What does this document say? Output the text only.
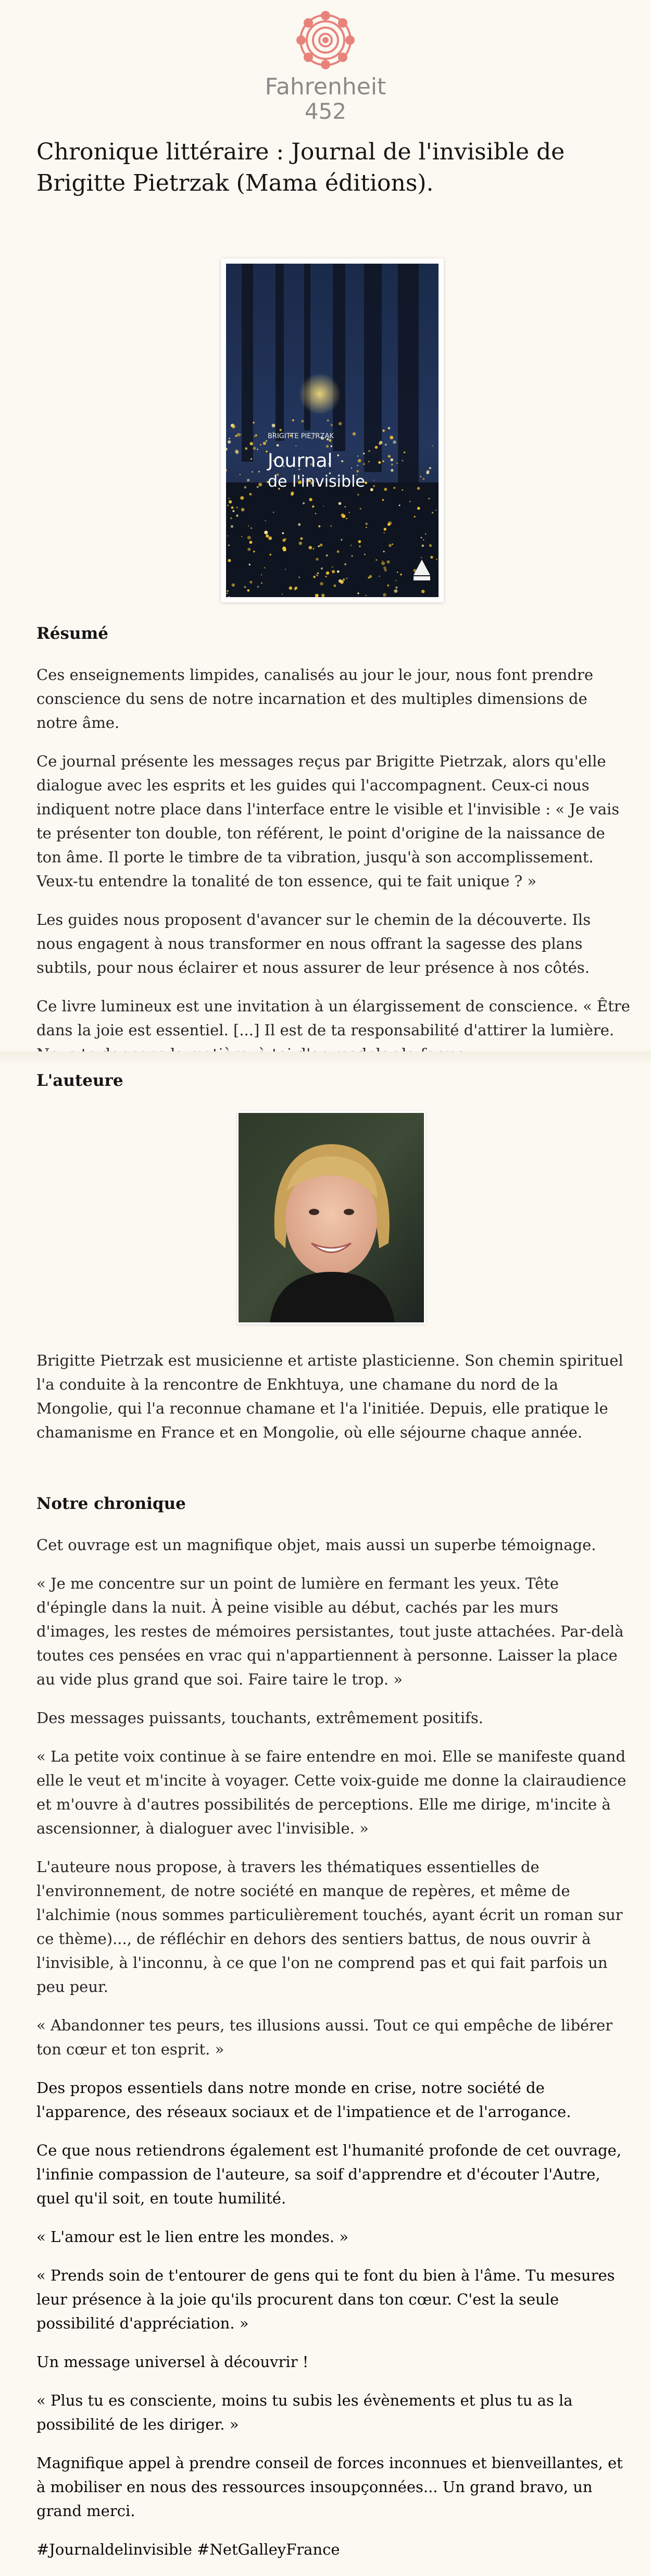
Fahrenheit
452
Chronique littéraire : Journal de l'invisible de Brigitte Pietrzak (Mama éditions).
BRIGITTE PIETRZAK
Journal
de l'invisible
Résumé

Ces enseignements limpides, canalisés au jour le jour, nous font prendre conscience du sens de notre incarnation et des multiples dimensions de notre âme.

Ce journal présente les messages reçus par Brigitte Pietrzak, alors qu'elle dialogue avec les esprits et les guides qui l'accompagnent. Ceux-ci nous indiquent notre place dans l'interface entre le visible et l'invisible : « Je vais te présenter ton double, ton référent, le point d'origine de la naissance de ton âme. Il porte le timbre de ta vibration, jusqu'à son accomplissement. Veux-tu entendre la tonalité de ton essence, qui te fait unique ? »

Les guides nous proposent d'avancer sur le chemin de la découverte. Ils nous engagent à nous transformer en nous offrant la sagesse des plans subtils, pour nous éclairer et nous assurer de leur présence à nos côtés.

Ce livre lumineux est une invitation à un élargissement de conscience. « Être dans la joie est essentiel. [...] Il est de ta responsabilité d'attirer la lumière.

L'auteure

Brigitte Pietrzak est musicienne et artiste plasticienne. Son chemin spirituel l'a conduite à la rencontre de Enkhtuya, une chamane du nord de la Mongolie, qui l'a reconnue chamane et l'a l'initiée. Depuis, elle pratique le chamanisme en France et en Mongolie, où elle séjourne chaque année.

Notre chronique

Cet ouvrage est un magnifique objet, mais aussi un superbe témoignage.

« Je me concentre sur un point de lumière en fermant les yeux. Tête d'épingle dans la nuit. À peine visible au début, cachés par les murs d'images, les restes de mémoires persistantes, tout juste attachées. Par-delà toutes ces pensées en vrac qui n'appartiennent à personne. Laisser la place au vide plus grand que soi. Faire taire le trop. »

Des messages puissants, touchants, extrêmement positifs.

« La petite voix continue à se faire entendre en moi. Elle se manifeste quand elle le veut et m'incite à voyager. Cette voix-guide me donne la clairaudience et m'ouvre à d'autres possibilités de perceptions. Elle me dirige, m'incite à ascensionner, à dialoguer avec l'invisible. »

L'auteure nous propose, à travers les thématiques essentielles de l'environnement, de notre société en manque de repères, et même de l'alchimie (nous sommes particulièrement touchés, ayant écrit un roman sur ce thème)..., de réfléchir en dehors des sentiers battus, de nous ouvrir à l'invisible, à l'inconnu, à ce que l'on ne comprend pas et qui fait parfois un peu peur.

« Abandonner tes peurs, tes illusions aussi. Tout ce qui empêche de libérer ton cœur et ton esprit. »

Des propos essentiels dans notre monde en crise, notre société de l'apparence, des réseaux sociaux et de l'impatience et de l'arrogance.

Ce que nous retiendrons également est l'humanité profonde de cet ouvrage, l'infinie compassion de l'auteure, sa soif d'apprendre et d'écouter l'Autre, quel qu'il soit, en toute humilité.

« L'amour est le lien entre les mondes. »

« Prends soin de t'entourer de gens qui te font du bien à l'âme. Tu mesures leur présence à la joie qu'ils procurent dans ton cœur. C'est la seule possibilité d'appréciation. »

Un message universel à découvrir !

« Plus tu es consciente, moins tu subis les évènements et plus tu as la possibilité de les diriger. »

Magnifique appel à prendre conseil de forces inconnues et bienveillantes, et à mobiliser en nous des ressources insoupçonnées... Un grand bravo, un grand merci.

#Journaldelinvisible #NetGalleyFrance
